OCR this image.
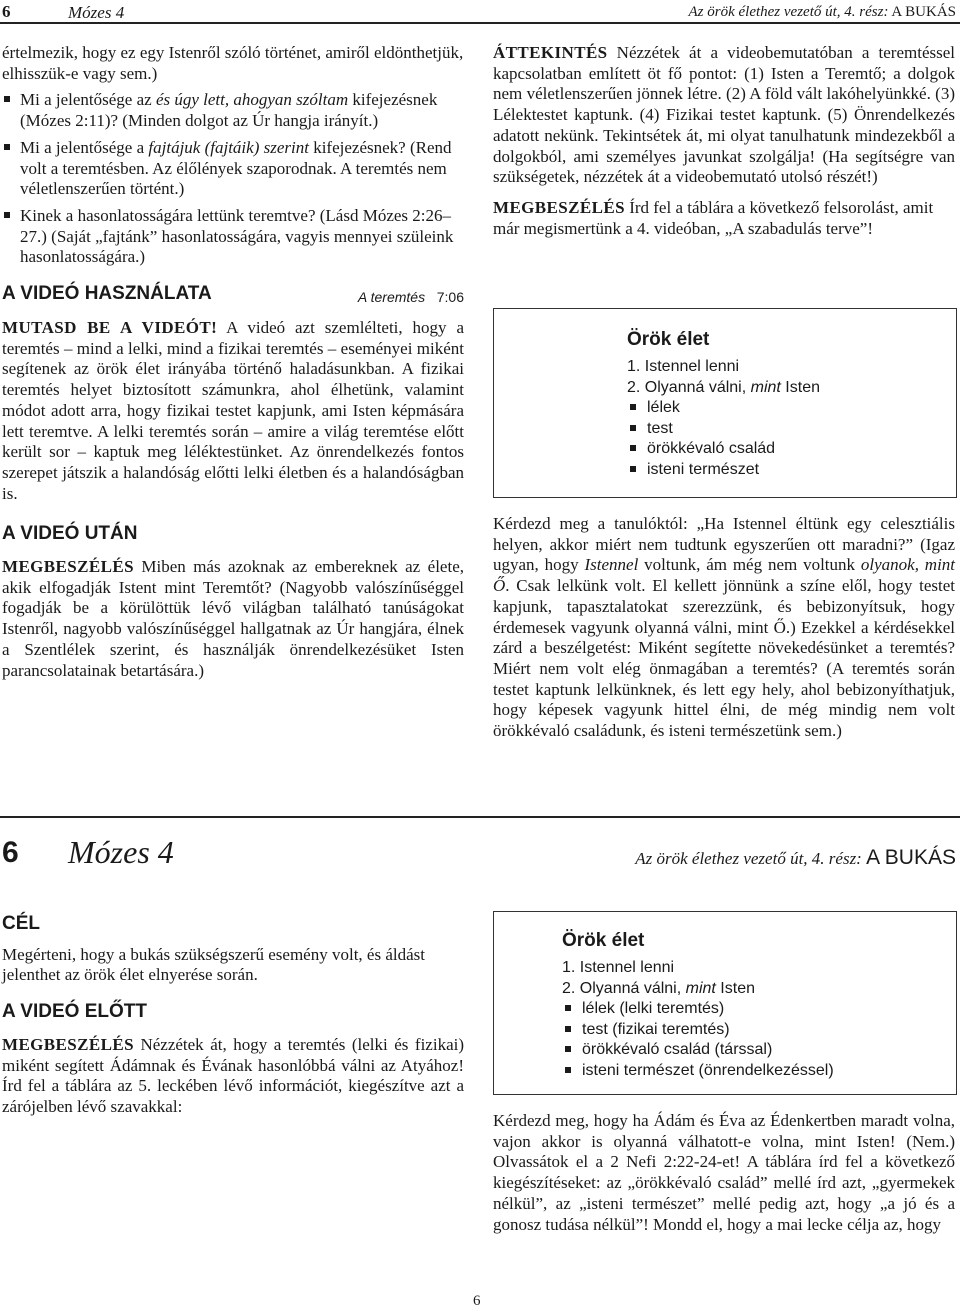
6	Mózes 4	Az örök élethez vezető út, 4. rész: A BUKÁS

értelmezik, hogy ez egy Istenről szóló történet, amiről eldönthetjük, elhisszük-e vagy sem.)

Mi a jelentősége az és úgy lett, ahogyan szóltam kifejezésnek (Mózes 2:11)? (Minden dolgot az Úr hangja irányít.)

Mi a jelentősége a fajtájuk (fajtáik) szerint kifejezésnek? (Rend volt a teremtésben. Az élőlények szaporodnak. A teremtés nem véletlenszerűen történt.)

Kinek a hasonlatosságára lettünk teremtve? (Lásd Mózes 2:26–27.) (Saját „fajtánk” hasonlatosságára, vagyis mennyei szüleink hasonlatosságára.)

A VIDEÓ HASZNÁLATA	A teremtés 7:06

MUTASD BE A VIDEÓT! A videó azt szemlélteti, hogy a teremtés – mind a lelki, mind a fizikai teremtés – eseményei miként segítenek az örök élet irányába történő haladásunkban. A fizikai teremtés helyet biztosított számunkra, ahol élhetünk, valamint módot adott arra, hogy fizikai testet kapjunk, ami Isten képmására lett teremtve. A lelki teremtés során – amire a világ teremtése előtt került sor – kaptuk meg léléktestünket. Az önrendelkezés fontos szerepet játszik a halandóság előtti lelki életben és a halandóságban is.

A VIDEÓ UTÁN

MEGBESZÉLÉS Miben más azoknak az embereknek az élete, akik elfogadják Istent mint Teremtőt? (Nagyobb valószínűséggel fogadják be a körülöttük lévő világban található tanúságokat Istenről, nagyobb valószínűséggel hallgatnak az Úr hangjára, élnek a Szentlélek szerint, és használják önrendelkezésüket Isten parancsolatainak betartására.)

ÁTTEKINTÉS Nézzétek át a videobemutatóban a teremtéssel kapcsolatban említett öt fő pontot: (1) Isten a Teremtő; a dolgok nem véletlenszerűen jönnek létre. (2) A föld vált lakóhelyünkké. (3) Lélektestet kaptunk. (4) Fizikai testet kaptunk. (5) Önrendelkezés adatott nekünk. Tekintsétek át, mi olyat tanulhatunk mindezekből a dolgokból, ami személyes javunkat szolgálja! (Ha segítségre van szükségetek, nézzétek át a videobemutató utolsó részét!)

MEGBESZÉLÉS Írd fel a táblára a következő felsorolást, amit már megismertünk a 4. videóban, „A szabadulás terve”!

Örök élet
1. Istennel lenni
2. Olyanná válni, mint Isten
lélek
test
örökkévaló család
isteni természet

Kérdezd meg a tanulóktól: „Ha Istennel éltünk egy celesztiális helyen, akkor miért nem tudtunk egyszerűen ott maradni?” (Igaz ugyan, hogy Istennel voltunk, ám még nem voltunk olyanok, mint Ő. Csak lelkünk volt. El kellett jönnünk a színe elől, hogy testet kapjunk, tapasztalatokat szerezzünk, és bebizonyítsuk, hogy érdemesek vagyunk olyanná válni, mint Ő.) Ezekkel a kérdésekkel zárd a beszélgetést: Miként segítette növekedésünket a teremtés? Miért nem volt elég önmagában a teremtés? (A teremtés során testet kaptunk lelkünknek, és lett egy hely, ahol bebizonyíthatjuk, hogy képesek vagyunk hittel élni, de még mindig nem volt örökkévaló családunk, és isteni természetünk sem.)

6 Mózes 4	Az örök élethez vezető út, 4. rész: A BUKÁS
CÉL

Megérteni, hogy a bukás szükségszerű esemény volt, és áldást jelenthet az örök élet elnyerése során.

A VIDEÓ ELŐTT

MEGBESZÉLÉS Nézzétek át, hogy a teremtés (lelki és fizikai) miként segített Ádámnak és Évának hasonlóbbá válni az Atyához! Írd fel a táblára az 5. leckében lévő információt, kiegészítve azt a zárójelben lévő szavakkal:

Örök élet
1. Istennel lenni
2. Olyanná válni, mint Isten
lélek (lelki teremtés)
test (fizikai teremtés)
örökkévaló család (társsal)
isteni természet (önrendelkezéssel)

Kérdezd meg, hogy ha Ádám és Éva az Édenkertben maradt volna, vajon akkor is olyanná válhatott-e volna, mint Isten! (Nem.) Olvassátok el a 2 Nefi 2:22-24-et! A táblára írd fel a következő kiegészítéseket: az „örökkévaló család” mellé írd azt, „gyermekek nélkül”, az „isteni természet” mellé pedig azt, hogy „a jó és a gonosz tudása nélkül”! Mondd el, hogy a mai lecke célja az, hogy

6
